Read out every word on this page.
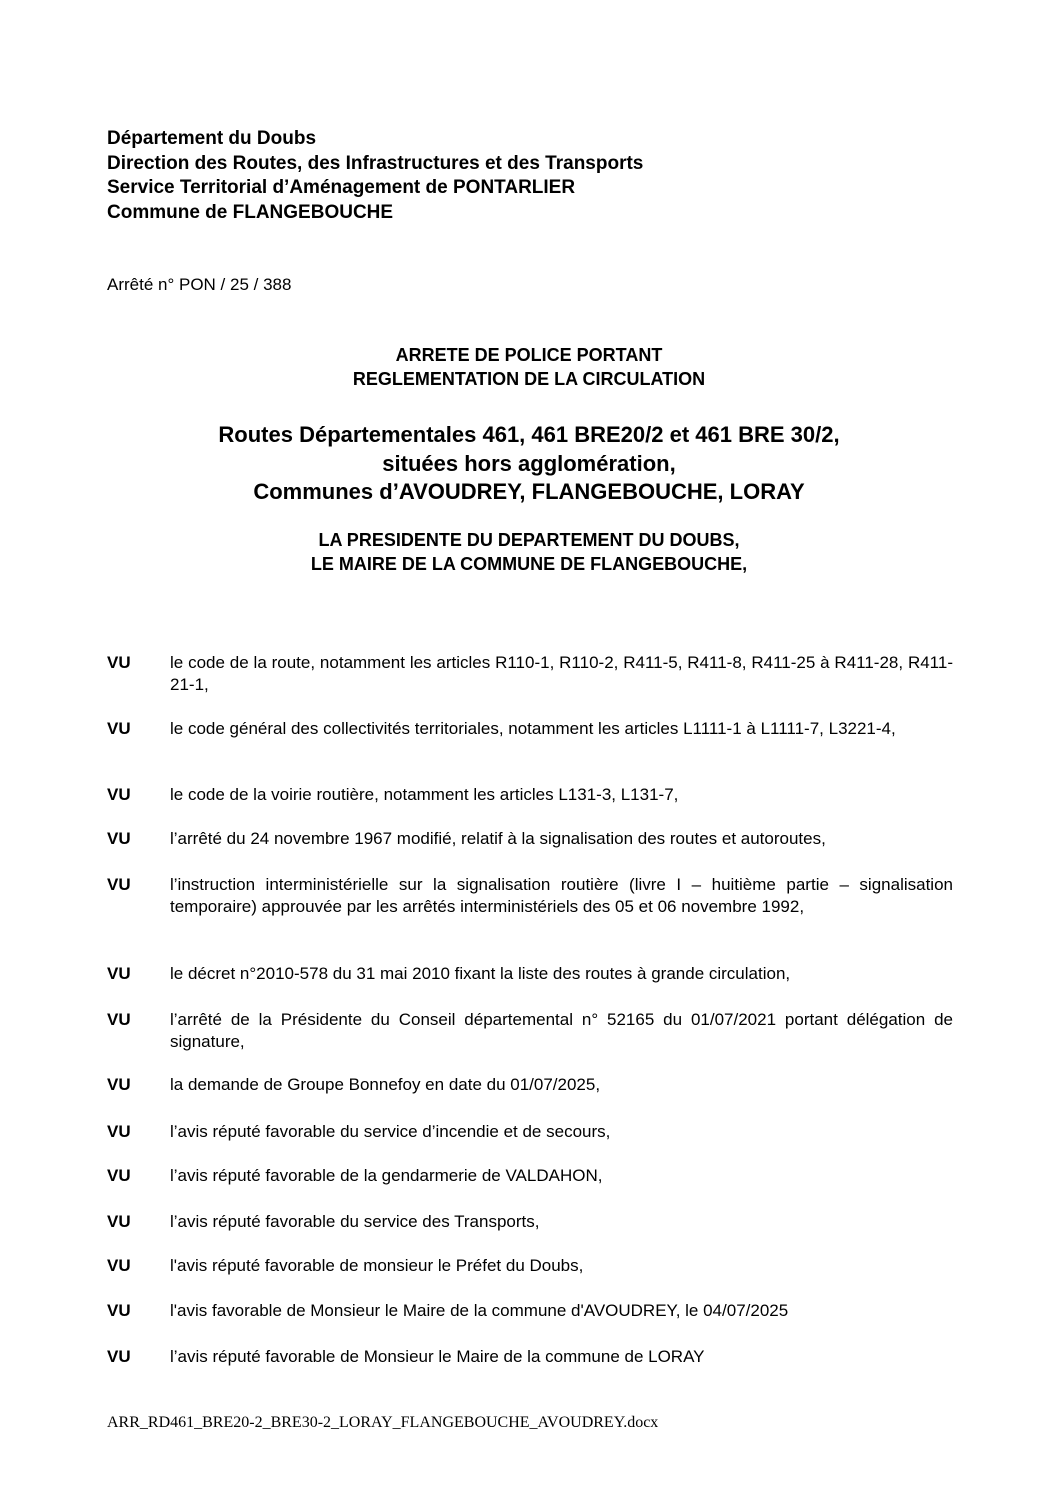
Département du Doubs
Direction des Routes, des Infrastructures et des Transports
Service Territorial d’Aménagement de PONTARLIER
Commune de FLANGEBOUCHE
Arrêté n° PON / 25 / 388
ARRETE DE POLICE PORTANT
REGLEMENTATION DE LA CIRCULATION
Routes Départementales 461, 461 BRE20/2 et 461 BRE 30/2,
situées hors agglomération,
Communes d’AVOUDREY, FLANGEBOUCHE, LORAY
LA PRESIDENTE DU DEPARTEMENT DU DOUBS,
LE MAIRE DE LA COMMUNE DE FLANGEBOUCHE,
VU le code de la route, notamment les articles R110-1, R110-2, R411-5, R411-8, R411-25 à R411-28, R411-21-1,
VU le code général des collectivités territoriales, notamment les articles L1111-1 à L1111-7, L3221-4,
VU le code de la voirie routière, notamment les articles L131-3, L131-7,
VU l’arrêté du 24 novembre 1967 modifié, relatif à la signalisation des routes et autoroutes,
VU l’instruction interministérielle sur la signalisation routière (livre I – huitième partie – signalisation temporaire) approuvée par les arrêtés interministériels des 05 et 06 novembre 1992,
VU le décret n°2010-578 du 31 mai 2010 fixant la liste des routes à grande circulation,
VU l’arrêté de la Présidente du Conseil départemental n° 52165 du 01/07/2021 portant délégation de signature,
VU la demande de Groupe Bonnefoy en date du 01/07/2025,
VU l’avis réputé favorable du service d’incendie et de secours,
VU l’avis réputé favorable de la gendarmerie de VALDAHON,
VU l’avis réputé favorable du service des Transports,
VU l'avis réputé favorable de monsieur le Préfet du Doubs,
VU l'avis favorable de Monsieur le Maire de la commune d'AVOUDREY, le 04/07/2025
VU l’avis réputé favorable de Monsieur le Maire de la commune de LORAY
ARR_RD461_BRE20-2_BRE30-2_LORAY_FLANGEBOUCHE_AVOUDREY.docx
